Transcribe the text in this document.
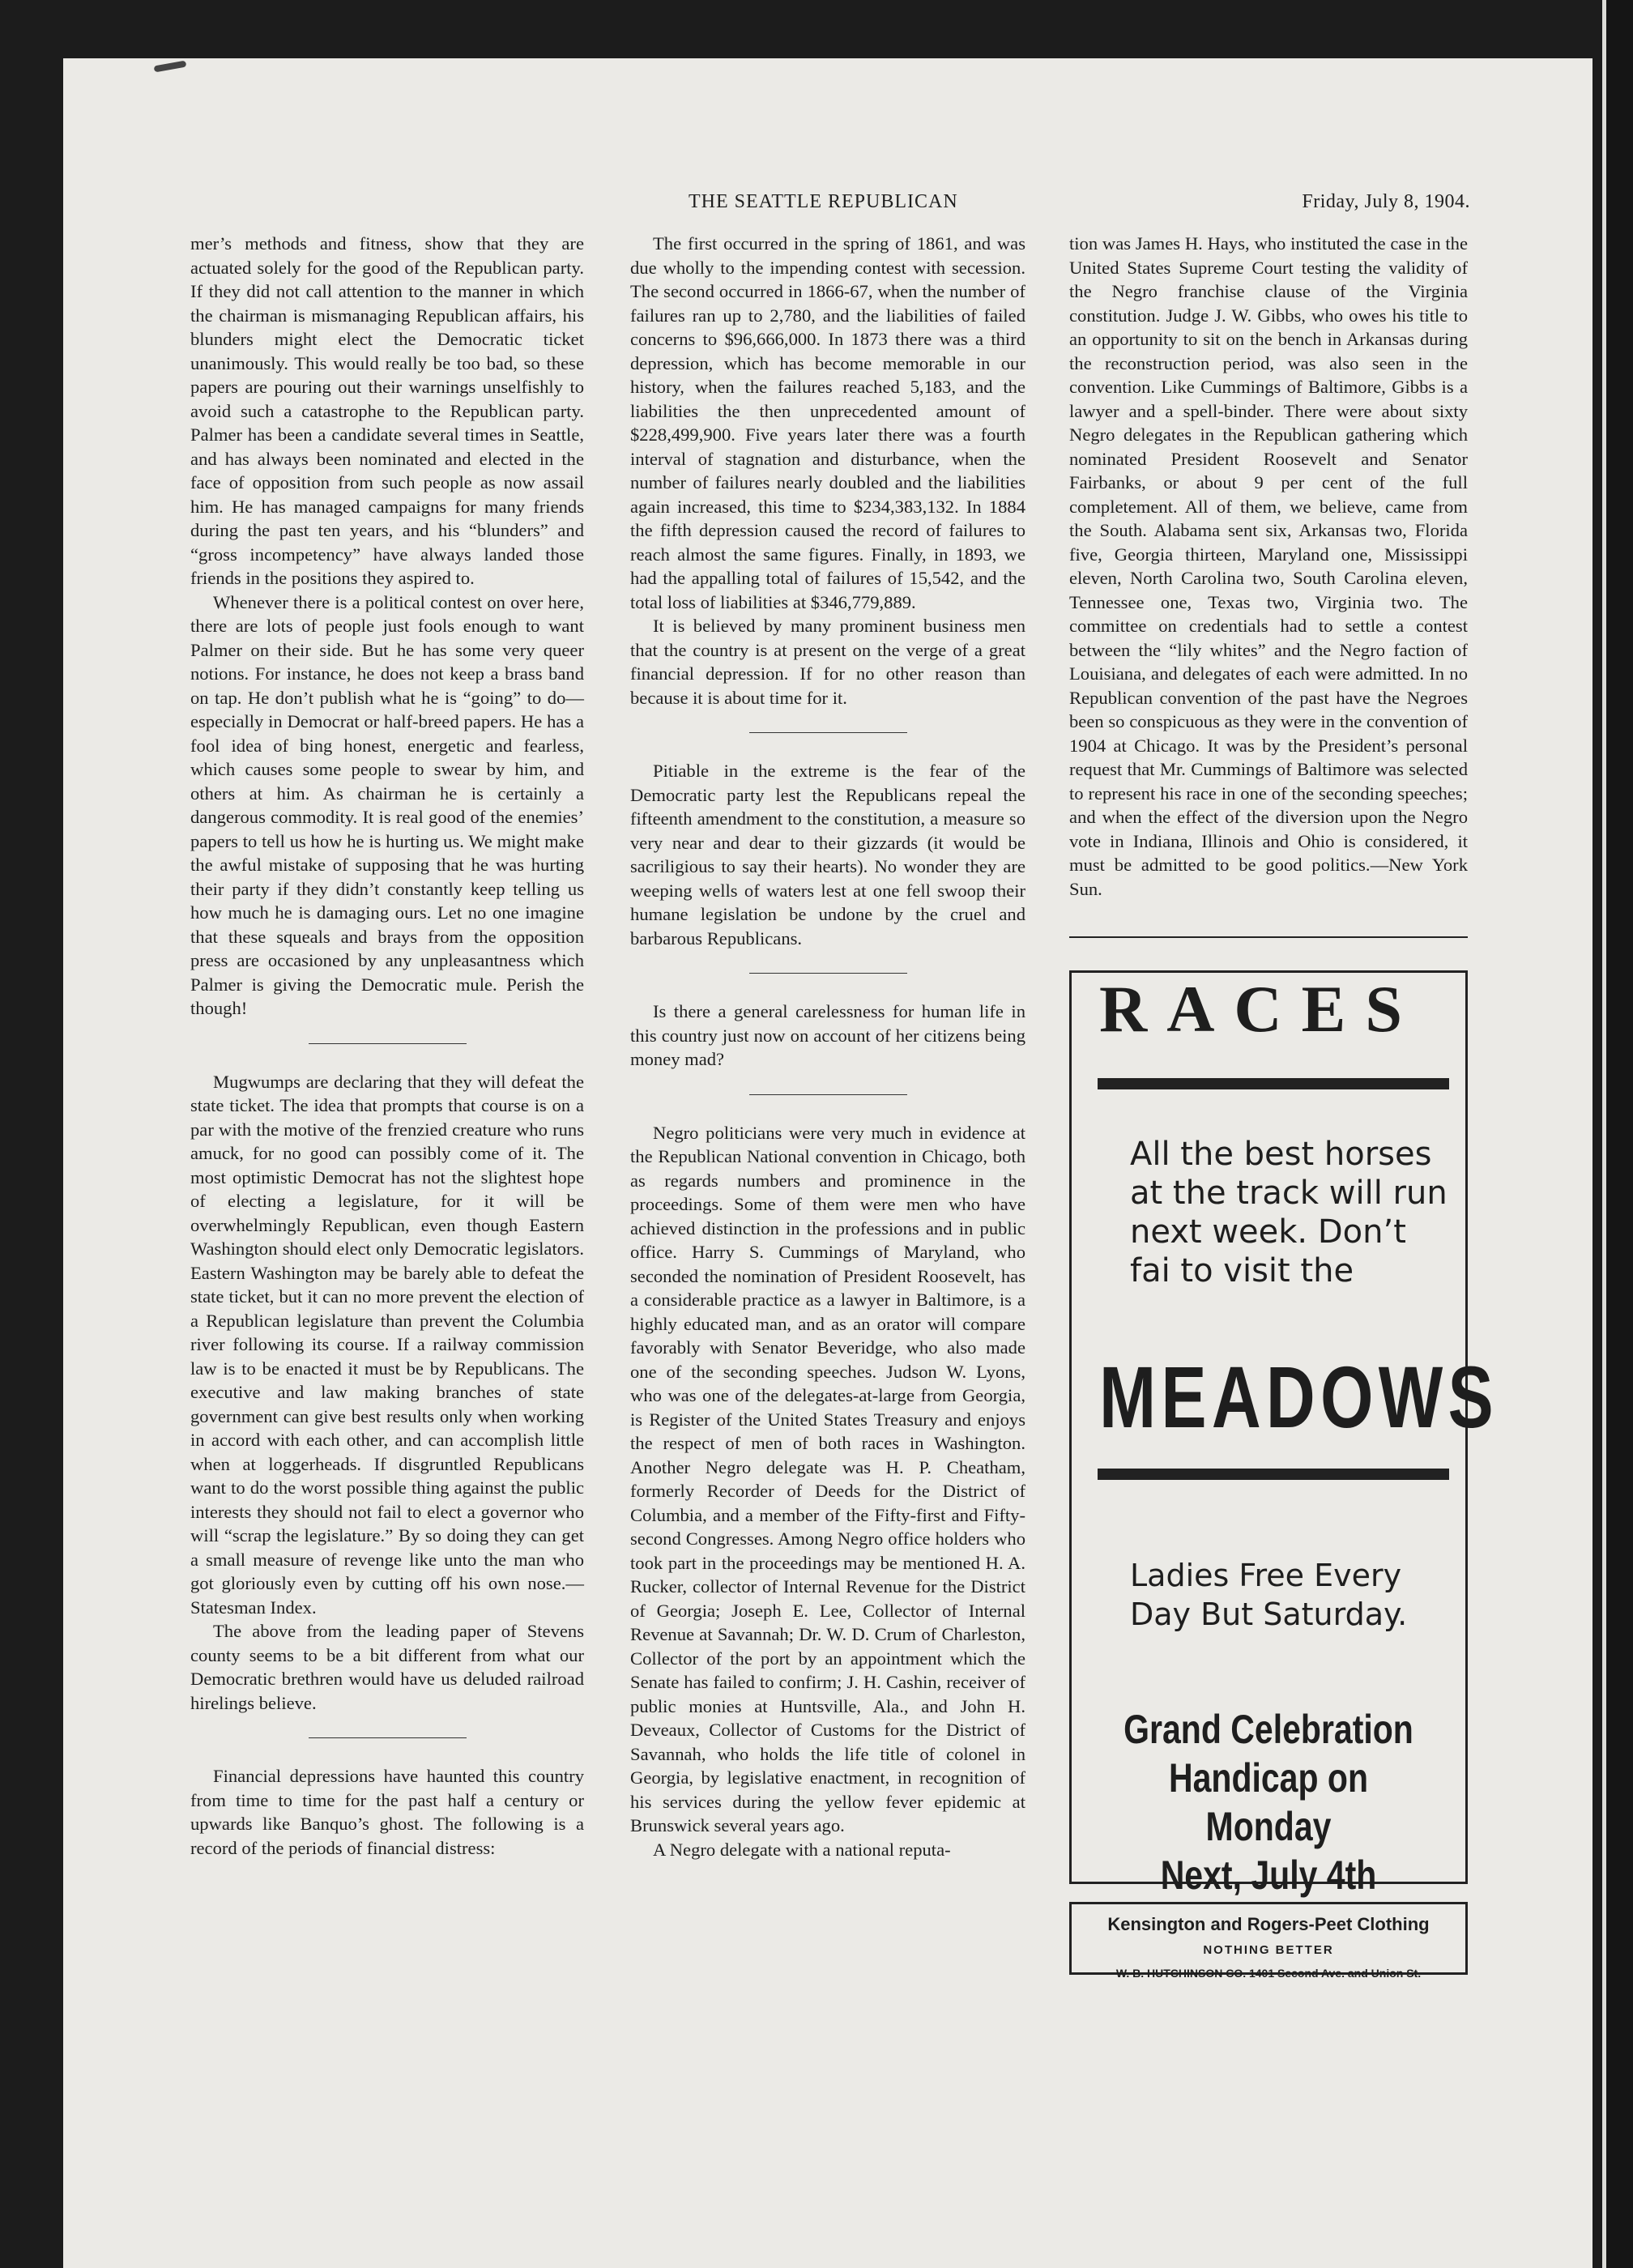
THE SEATTLE REPUBLICAN	Friday, July 8, 1904.

mer’s methods and fitness, show that they are actuated solely for the good of the Republican party. If they did not call attention to the manner in which the chairman is mismanaging Republican affairs, his blunders might elect the Democratic ticket unanimously. This would really be too bad, so these papers are pouring out their warnings unselfishly to avoid such a catastrophe to the Republican party. Palmer has been a candidate several times in Seattle, and has always been nominated and elected in the face of opposition from such people as now assail him. He has managed campaigns for many friends during the past ten years, and his “blunders” and “gross incompetency” have always landed those friends in the positions they aspired to.

Whenever there is a political contest on over here, there are lots of people just fools enough to want Palmer on their side. But he has some very queer notions. For instance, he does not keep a brass band on tap. He don’t publish what he is “going” to do—especially in Democrat or half-breed papers. He has a fool idea of bing honest, energetic and fearless, which causes some people to swear by him, and others at him. As chairman he is certainly a dangerous commodity. It is real good of the enemies’ papers to tell us how he is hurting us. We might make the awful mistake of supposing that he was hurting their party if they didn’t constantly keep telling us how much he is damaging ours. Let no one imagine that these squeals and brays from the opposition press are occasioned by any unpleasantness which Palmer is giving the Democratic mule. Perish the though!

Mugwumps are declaring that they will defeat the state ticket. The idea that prompts that course is on a par with the motive of the frenzied creature who runs amuck, for no good can possibly come of it. The most optimistic Democrat has not the slightest hope of electing a legislature, for it will be overwhelmingly Republican, even though Eastern Washington should elect only Democratic legislators. Eastern Washington may be barely able to defeat the state ticket, but it can no more prevent the election of a Republican legislature than prevent the Columbia river following its course. If a railway commission law is to be enacted it must be by Republicans. The executive and law making branches of state government can give best results only when working in accord with each other, and can accomplish little when at loggerheads. If disgruntled Republicans want to do the worst possible thing against the public interests they should not fail to elect a governor who will “scrap the legislature.” By so doing they can get a small measure of revenge like unto the man who got gloriously even by cutting off his own nose.—Statesman Index.

The above from the leading paper of Stevens county seems to be a bit different from what our Democratic brethren would have us deluded railroad hirelings believe.

Financial depressions have haunted this country from time to time for the past half a century or upwards like Banquo’s ghost. The following is a record of the periods of financial distress:

The first occurred in the spring of 1861, and was due wholly to the impending contest with secession. The second occurred in 1866-67, when the number of failures ran up to 2,780, and the liabilities of failed concerns to $96,666,000. In 1873 there was a third depression, which has become memorable in our history, when the failures reached 5,183, and the liabilities the then unprecedented amount of $228,499,900. Five years later there was a fourth interval of stagnation and disturbance, when the number of failures nearly doubled and the liabilities again increased, this time to $234,383,132. In 1884 the fifth depression caused the record of failures to reach almost the same figures. Finally, in 1893, we had the appalling total of failures of 15,542, and the total loss of liabilities at $346,779,889.

It is believed by many prominent business men that the country is at present on the verge of a great financial depression. If for no other reason than because it is about time for it.

Pitiable in the extreme is the fear of the Democratic party lest the Republicans repeal the fifteenth amendment to the constitution, a measure so very near and dear to their gizzards (it would be sacriligious to say their hearts). No wonder they are weeping wells of waters lest at one fell swoop their humane legislation be undone by the cruel and barbarous Republicans.

Is there a general carelessness for human life in this country just now on account of her citizens being money mad?

Negro politicians were very much in evidence at the Republican National convention in Chicago, both as regards numbers and prominence in the proceedings. Some of them were men who have achieved distinction in the professions and in public office. Harry S. Cummings of Maryland, who seconded the nomination of President Roosevelt, has a considerable practice as a lawyer in Baltimore, is a highly educated man, and as an orator will compare favorably with Senator Beveridge, who also made one of the seconding speeches. Judson W. Lyons, who was one of the delegates-at-large from Georgia, is Register of the United States Treasury and enjoys the respect of men of both races in Washington. Another Negro delegate was H. P. Cheatham, formerly Recorder of Deeds for the District of Columbia, and a member of the Fifty-first and Fifty-second Congresses. Among Negro office holders who took part in the proceedings may be mentioned H. A. Rucker, collector of Internal Revenue for the District of Georgia; Joseph E. Lee, Collector of Internal Revenue at Savannah; Dr. W. D. Crum of Charleston, Collector of the port by an appointment which the Senate has failed to confirm; J. H. Cashin, receiver of public monies at Huntsville, Ala., and John H. Deveaux, Collector of Customs for the District of Savannah, who holds the life title of colonel in Georgia, by legislative enactment, in recognition of his services during the yellow fever epidemic at Brunswick several years ago.

A Negro delegate with a national reputa-

tion was James H. Hays, who instituted the case in the United States Supreme Court testing the validity of the Negro franchise clause of the Virginia constitution. Judge J. W. Gibbs, who owes his title to an opportunity to sit on the bench in Arkansas during the reconstruction period, was also seen in the convention. Like Cummings of Baltimore, Gibbs is a lawyer and a spell-binder. There were about sixty Negro delegates in the Republican gathering which nominated President Roosevelt and Senator Fairbanks, or about 9 per cent of the full completement. All of them, we believe, came from the South. Alabama sent six, Arkansas two, Florida five, Georgia thirteen, Maryland one, Mississippi eleven, North Carolina two, South Carolina eleven, Tennessee one, Texas two, Virginia two. The committee on credentials had to settle a contest between the “lily whites” and the Negro faction of Louisiana, and delegates of each were admitted. In no Republican convention of the past have the Negroes been so conspicuous as they were in the convention of 1904 at Chicago. It was by the President’s personal request that Mr. Cummings of Baltimore was selected to represent his race in one of the seconding speeches; and when the effect of the diversion upon the Negro vote in Indiana, Illinois and Ohio is considered, it must be admitted to be good politics.—New York Sun.

RACES
All the best horses at the track will run next week. Don’t fai to visit the
MEADOWS
Ladies Free Every Day But Saturday.
Grand Celebration
Handicap on Monday
Next, July 4th
Kensington and Rogers-Peet Clothing
NOTHING BETTER
W. B. HUTCHINSON CO. 1401 Second Ave. and Union St.
